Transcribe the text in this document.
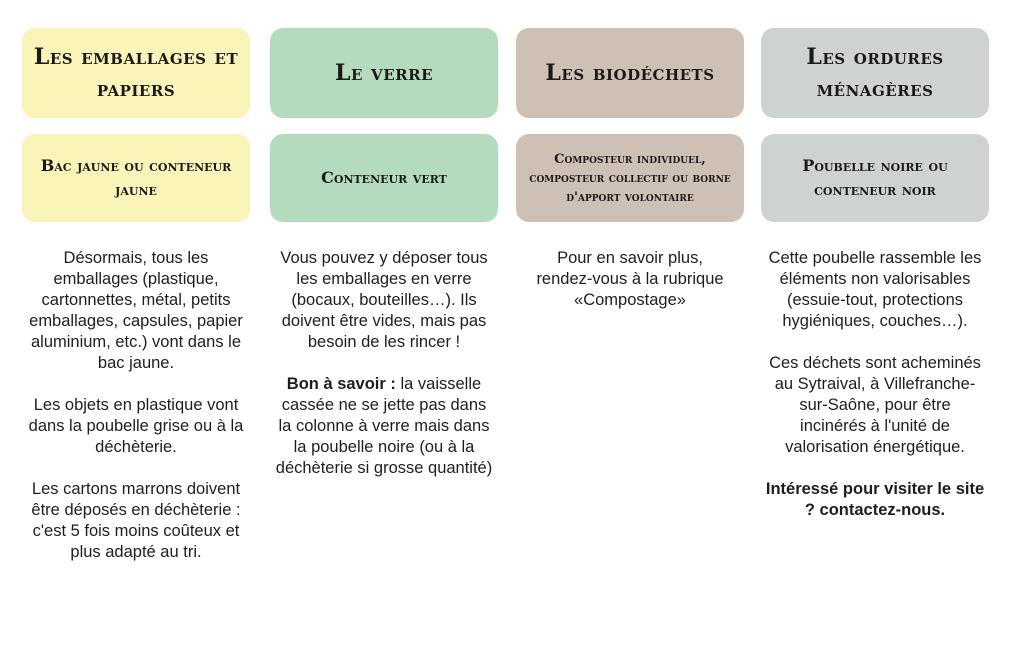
Les emballages et papiers
Bac jaune ou conteneur jaune

Désormais, tous les emballages (plastique, cartonnettes, métal, petits emballages, capsules, papier aluminium, etc.) vont dans le bac jaune.

Les objets en plastique vont dans la poubelle grise ou à la déchèterie.

Les cartons marrons doivent être déposés en déchèterie : c'est 5 fois moins coûteux et plus adapté au tri.

Le verre
Conteneur vert

Vous pouvez y déposer tous les emballages en verre (bocaux, bouteilles…). Ils doivent être vides, mais pas besoin de les rincer !

Bon à savoir : la vaisselle cassée ne se jette pas dans la colonne à verre mais dans la poubelle noire (ou à la déchèterie si grosse quantité)

Les biodéchets
Composteur individuel, composteur collectif ou borne d'apport volontaire

Pour en savoir plus, rendez-vous à la rubrique «Compostage»

Les ordures ménagères
Poubelle noire ou conteneur noir

Cette poubelle rassemble les éléments non valorisables (essuie-tout, protections hygiéniques, couches…).

Ces déchets sont acheminés au Sytraival, à Villefranche-sur-Saône, pour être incinérés à l'unité de valorisation énergétique.

Intéressé pour visiter le site ? contactez-nous.
